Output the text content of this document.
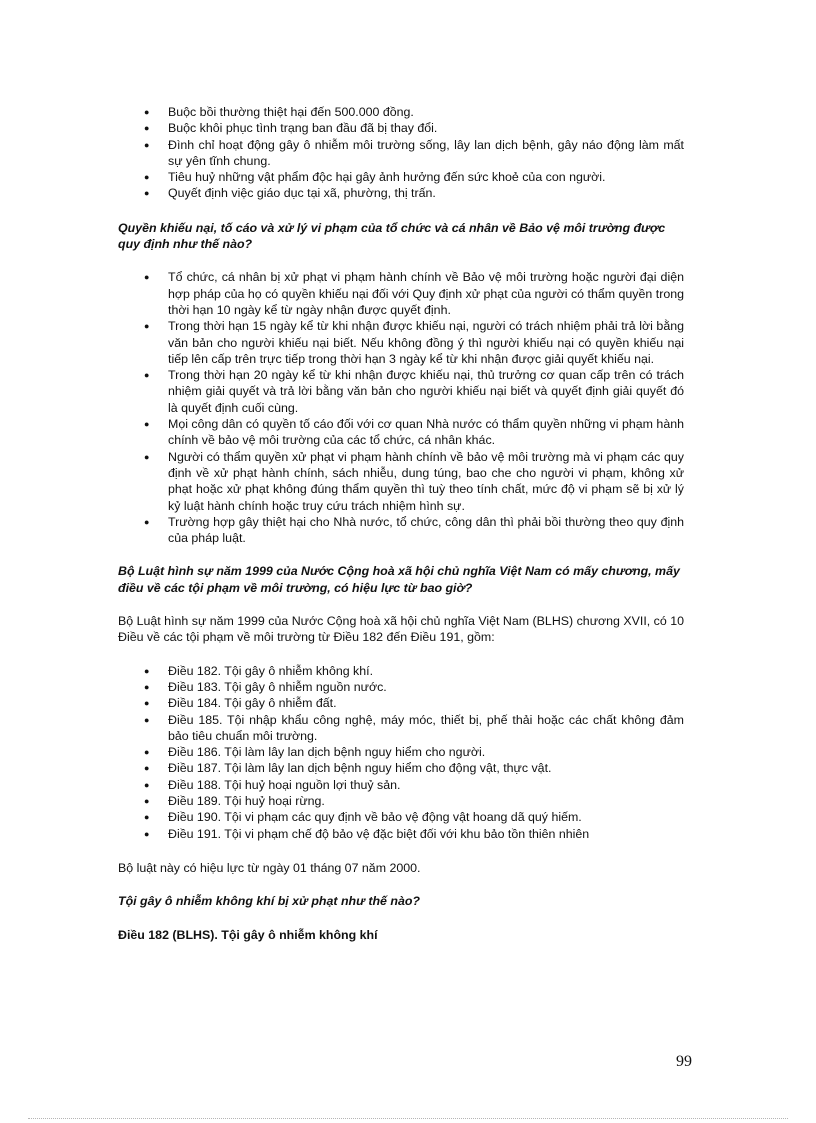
● Buộc bồi thường thiệt hại đến 500.000 đồng.
● Buộc khôi phục tình trạng ban đầu đã bị thay đổi.
● Đình chỉ hoạt động gây ô nhiễm môi trường sống, lây lan dịch bệnh, gây náo động làm mất sự yên tĩnh chung.
● Tiêu huỷ những vật phẩm độc hại gây ảnh hưởng đến sức khoẻ của con người.
● Quyết định việc giáo dục tại xã, phường, thị trấn.

Quyền khiếu nại, tố cáo và xử lý vi phạm của tổ chức và cá nhân về Bảo vệ môi trường được quy định như thế nào?

● Tổ chức, cá nhân bị xử phạt vi phạm hành chính về Bảo vệ môi trường hoặc người đại diện hợp pháp của họ có quyền khiếu nại đối với Quy định xử phạt của người có thẩm quyền trong thời hạn 10 ngày kể từ ngày nhận được quyết định.
● Trong thời hạn 15 ngày kể từ khi nhận được khiếu nại, người có trách nhiệm phải trả lời bằng văn bản cho người khiếu nại biết. Nếu không đồng ý thì người khiếu nại có quyền khiếu nại tiếp lên cấp trên trực tiếp trong thời hạn 3 ngày kể từ khi nhận được giải quyết khiếu nại.
● Trong thời hạn 20 ngày kể từ khi nhận được khiếu nại, thủ trưởng cơ quan cấp trên có trách nhiệm giải quyết và trả lời bằng văn bản cho người khiếu nại biết và quyết định giải quyết đó là quyết định cuối cùng.
● Mọi công dân có quyền tố cáo đối với cơ quan Nhà nước có thẩm quyền những vi phạm hành chính về bảo vệ môi trường của các tổ chức, cá nhân khác.
● Người có thẩm quyền xử phạt vi phạm hành chính về bảo vệ môi trường mà vi phạm các quy định về xử phạt hành chính, sách nhiễu, dung túng, bao che cho người vi phạm, không xử phạt hoặc xử phạt không đúng thẩm quyền thì tuỳ theo tính chất, mức độ vi phạm sẽ bị xử lý kỷ luật hành chính hoặc truy cứu trách nhiệm hình sự.
● Trường hợp gây thiệt hại cho Nhà nước, tổ chức, công dân thì phải bồi thường theo quy định của pháp luật.

Bộ Luật hình sự năm 1999 của Nước Cộng hoà xã hội chủ nghĩa Việt Nam có mấy chương, mấy điều về các tội phạm về môi trường, có hiệu lực từ bao giờ?

Bộ Luật hình sự năm 1999 của Nước Cộng hoà xã hội chủ nghĩa Việt Nam (BLHS) chương XVII, có 10 Điều về các tội phạm về môi trường từ Điều 182 đến Điều 191, gồm:

● Điều 182. Tội gây ô nhiễm không khí.
● Điều 183. Tội gây ô nhiễm nguồn nước.
● Điều 184. Tội gây ô nhiễm đất.
● Điều 185. Tội nhập khẩu công nghệ, máy móc, thiết bị, phế thải hoặc các chất không đảm bảo tiêu chuẩn môi trường.
● Điều 186. Tội làm lây lan dịch bệnh nguy hiểm cho người.
● Điều 187. Tội làm lây lan dịch bệnh nguy hiểm cho động vật, thực vật.
● Điều 188. Tội huỷ hoại nguồn lợi thuỷ sản.
● Điều 189. Tội huỷ hoại rừng.
● Điều 190. Tội vi phạm các quy định về bảo vệ động vật hoang dã quý hiếm.
● Điều 191. Tội vi phạm chế độ bảo vệ đặc biệt đối với khu bảo tồn thiên nhiên

Bộ luật này có hiệu lực từ ngày 01 tháng 07 năm 2000.

Tội gây ô nhiễm không khí bị xử phạt như thế nào?

Điều 182 (BLHS). Tội gây ô nhiễm không khí

99
